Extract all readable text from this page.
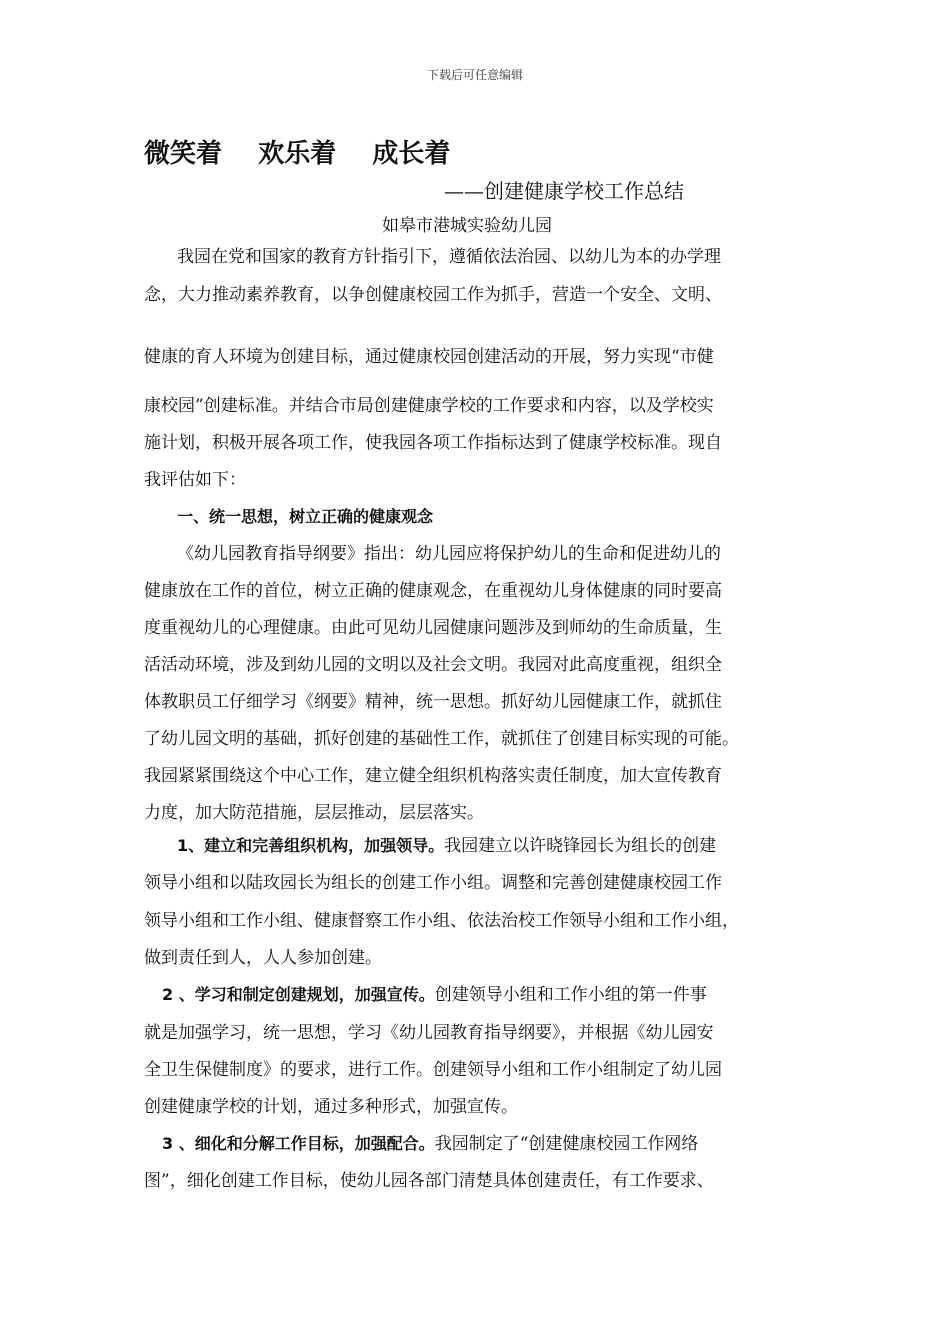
下载后可任意编辑
微笑着    欢乐着    成长着
——创建健康学校工作总结
如皋市港城实验幼儿园
我园在党和国家的教育方针指引下，遵循依法治园、以幼儿为本的办学理
念，大力推动素养教育，以争创健康校园工作为抓手，营造一个安全、文明、
健康的育人环境为创建目标，通过健康校园创建活动的开展，努力实现“市健
康校园”创建标准。并结合市局创建健康学校的工作要求和内容，以及学校实
施计划，积极开展各项工作，使我园各项工作指标达到了健康学校标准。现自
我评估如下：
一、统一思想，树立正确的健康观念
《幼儿园教育指导纲要》指出：幼儿园应将保护幼儿的生命和促进幼儿的
健康放在工作的首位，树立正确的健康观念，在重视幼儿身体健康的同时要高
度重视幼儿的心理健康。由此可见幼儿园健康问题涉及到师幼的生命质量，生
活活动环境，涉及到幼儿园的文明以及社会文明。我园对此高度重视，组织全
体教职员工仔细学习《纲要》精神，统一思想。抓好幼儿园健康工作，就抓住
了幼儿园文明的基础，抓好创建的基础性工作，就抓住了创建目标实现的可能。
我园紧紧围绕这个中心工作，建立健全组织机构落实责任制度，加大宣传教育
力度，加大防范措施，层层推动，层层落实。
1、建立和完善组织机构，加强领导。我园建立以许晓锋园长为组长的创建
领导小组和以陆玫园长为组长的创建工作小组。调整和完善创建健康校园工作
领导小组和工作小组、健康督察工作小组、依法治校工作领导小组和工作小组，
做到责任到人，人人参加创建。
2 、学习和制定创建规划，加强宣传。创建领导小组和工作小组的第一件事
就是加强学习，统一思想，学习《幼儿园教育指导纲要》，并根据《幼儿园安
全卫生保健制度》的要求，进行工作。创建领导小组和工作小组制定了幼儿园
创建健康学校的计划，通过多种形式，加强宣传。
3 、细化和分解工作目标，加强配合。我园制定了“创建健康校园工作网络
图”，细化创建工作目标，使幼儿园各部门清楚具体创建责任，有工作要求、
